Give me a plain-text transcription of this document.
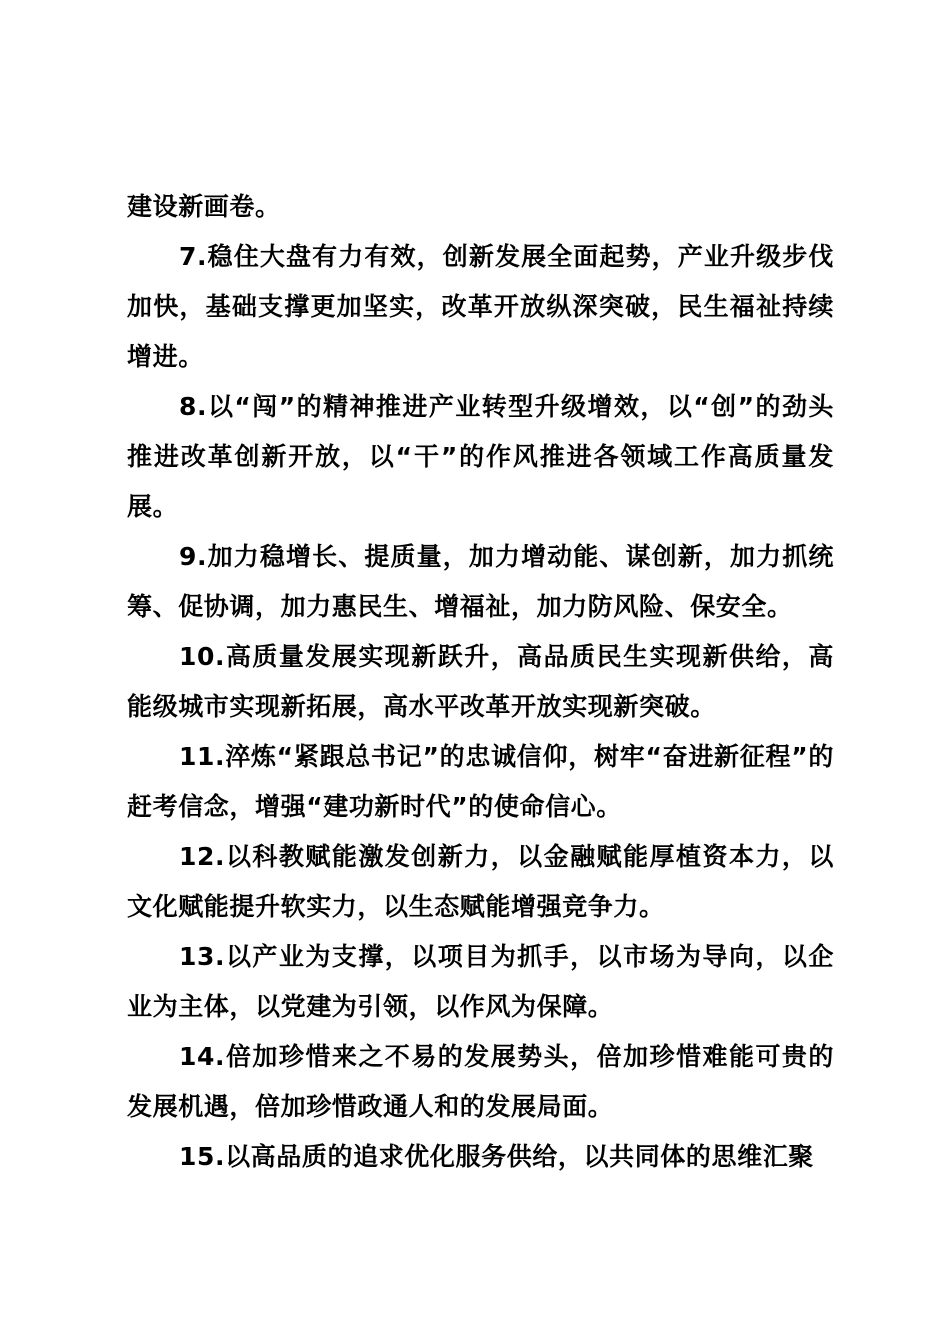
建设新画卷。

7.稳住大盘有力有效，创新发展全面起势，产业升级步伐加快，基础支撑更加坚实，改革开放纵深突破，民生福祉持续增进。

8.以“闯”的精神推进产业转型升级增效，以“创”的劲头推进改革创新开放，以“干”的作风推进各领域工作高质量发展。

9.加力稳增长、提质量，加力增动能、谋创新，加力抓统筹、促协调，加力惠民生、增福祉，加力防风险、保安全。

10.高质量发展实现新跃升，高品质民生实现新供给，高能级城市实现新拓展，高水平改革开放实现新突破。

11.淬炼“紧跟总书记”的忠诚信仰，树牢“奋进新征程”的赶考信念，增强“建功新时代”的使命信心。

12.以科教赋能激发创新力，以金融赋能厚植资本力，以文化赋能提升软实力，以生态赋能增强竞争力。

13.以产业为支撑，以项目为抓手，以市场为导向，以企业为主体，以党建为引领，以作风为保障。

14.倍加珍惜来之不易的发展势头，倍加珍惜难能可贵的发展机遇，倍加珍惜政通人和的发展局面。

15.以高品质的追求优化服务供给，以共同体的思维汇聚
